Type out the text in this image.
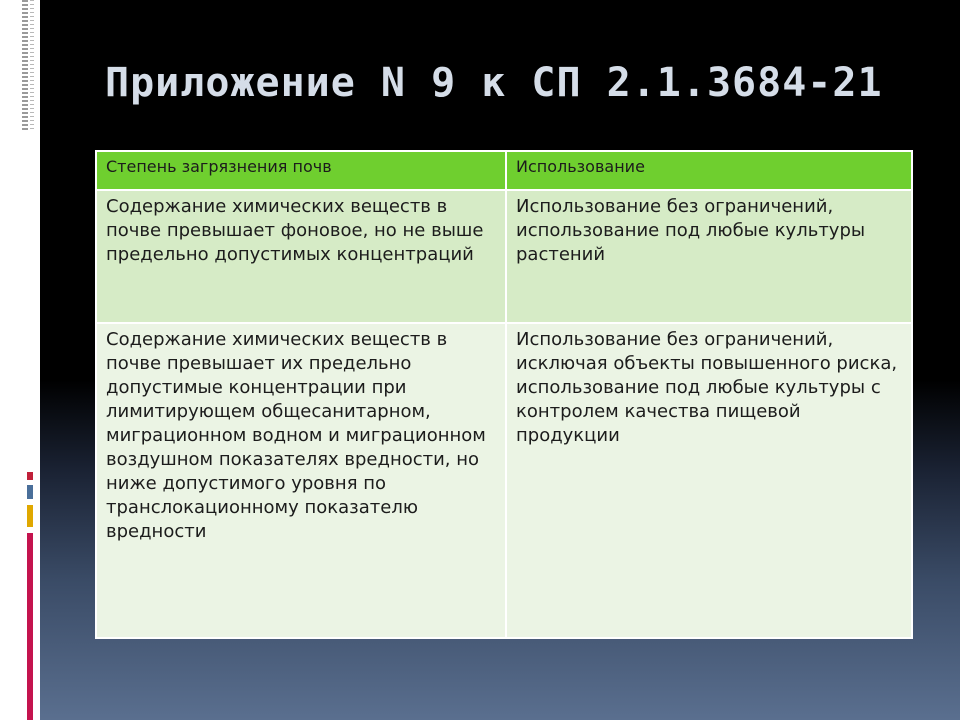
Приложение N 9 к СП 2.1.3684-21
Степень загрязнения почв	Использование
Содержание химических веществ в почве превышает фоновое, но не выше предельно допустимых концентраций	Использование без ограничений, использование под любые культуры растений
Содержание химических веществ в почве превышает их предельно допустимые концентрации при лимитирующем общесанитарном, миграционном водном и миграционном воздушном показателях вредности, но ниже допустимого уровня по транслокационному показателю вредности	Использование без ограничений, исключая объекты повышенного риска, использование под любые культуры с контролем качества пищевой продукции
